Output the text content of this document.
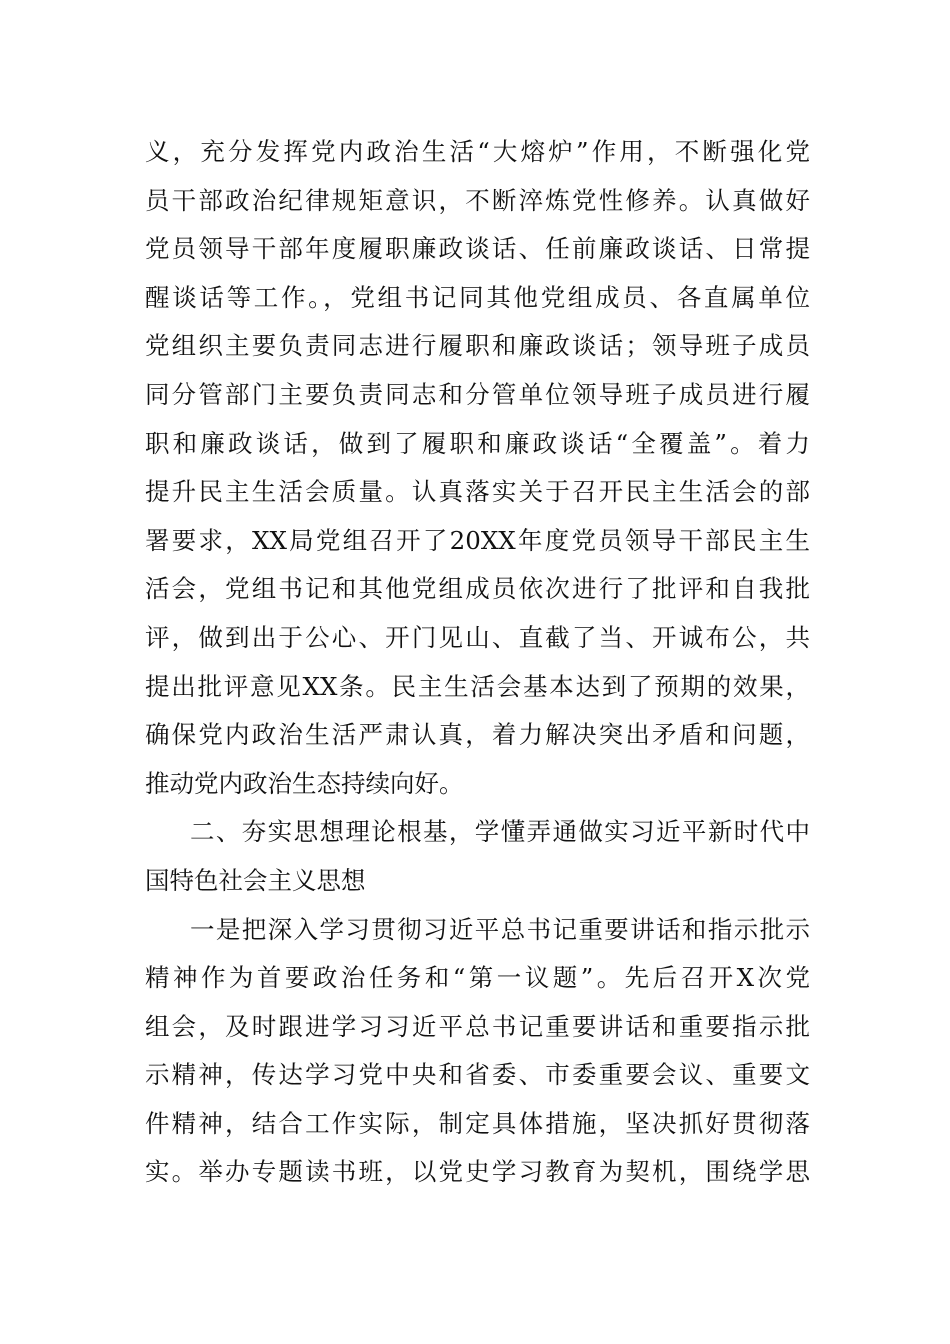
义，充分发挥党内政治生活“大熔炉”作用，不断强化党
员干部政治纪律规矩意识，不断淬炼党性修养。认真做好
党员领导干部年度履职廉政谈话、任前廉政谈话、日常提
醒谈话等工作。，党组书记同其他党组成员、各直属单位
党组织主要负责同志进行履职和廉政谈话；领导班子成员
同分管部门主要负责同志和分管单位领导班子成员进行履
职和廉政谈话，做到了履职和廉政谈话“全覆盖”。着力
提升民主生活会质量。认真落实关于召开民主生活会的部
署要求，XX局党组召开了20XX年度党员领导干部民主生
活会，党组书记和其他党组成员依次进行了批评和自我批
评，做到出于公心、开门见山、直截了当、开诚布公，共
提出批评意见XX条。民主生活会基本达到了预期的效果，
确保党内政治生活严肃认真，着力解决突出矛盾和问题，
推动党内政治生态持续向好。
二、夯实思想理论根基，学懂弄通做实习近平新时代中
国特色社会主义思想
一是把深入学习贯彻习近平总书记重要讲话和指示批示
精神作为首要政治任务和“第一议题”。先后召开X次党
组会，及时跟进学习习近平总书记重要讲话和重要指示批
示精神，传达学习党中央和省委、市委重要会议、重要文
件精神，结合工作实际，制定具体措施，坚决抓好贯彻落
实。举办专题读书班，以党史学习教育为契机，围绕学思
